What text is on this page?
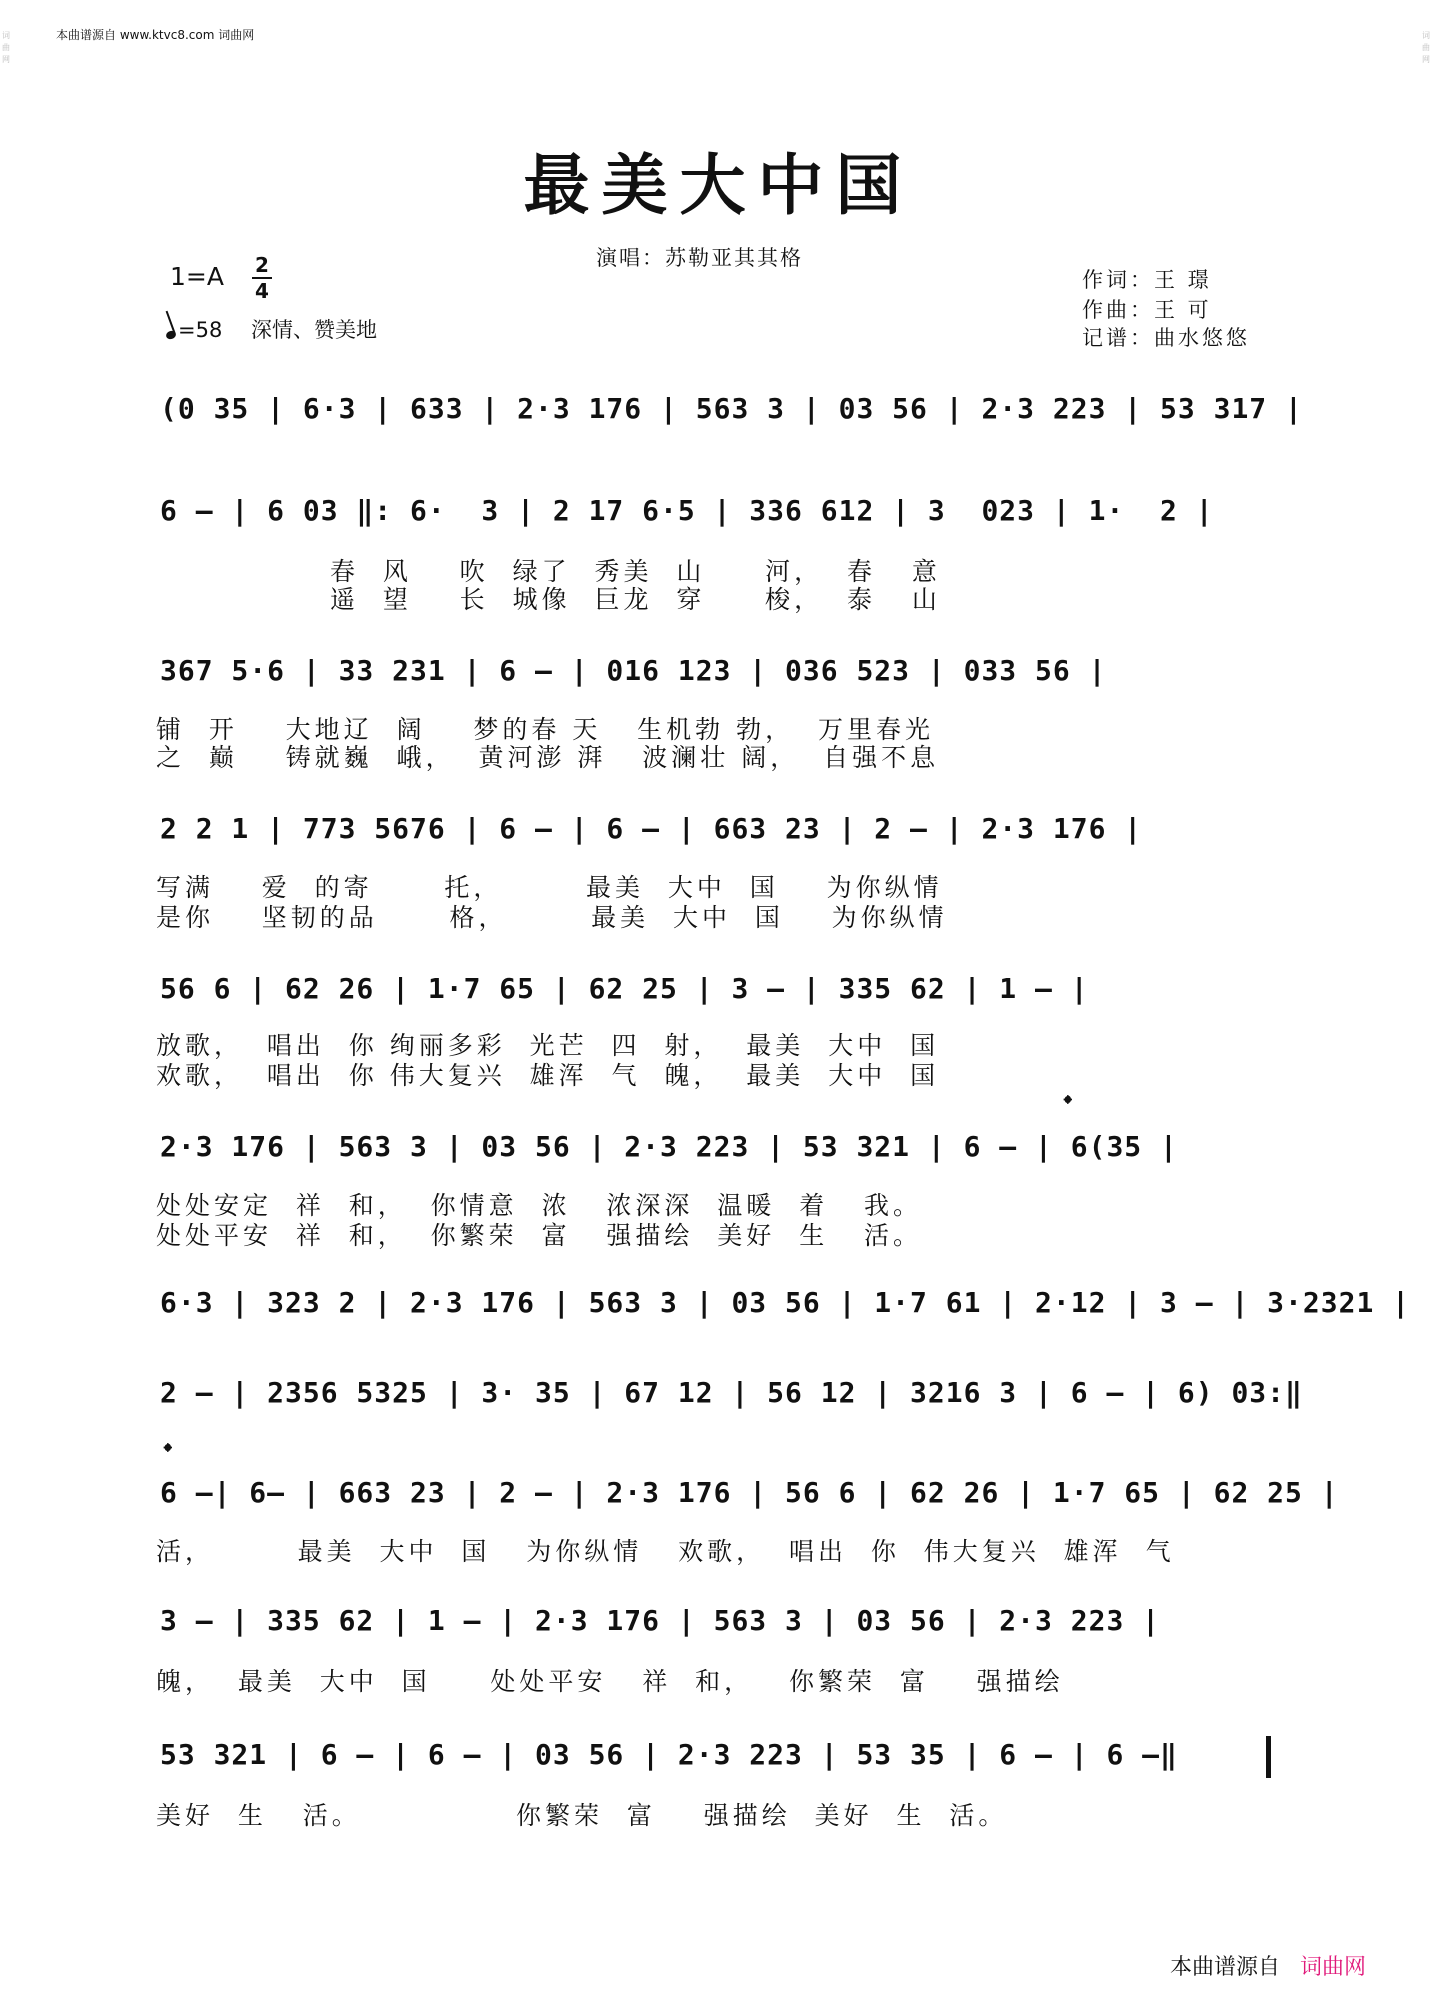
本曲谱源自 www.ktvc8.com 词曲网
词
曲
网
词
曲
网
最美大中国
演唱：苏勒亚其其格
作词：王 璟
作曲：王 可
记谱：曲水悠悠
1=A 2
4
=58 深情、赞美地
(0 35 | 6·3 | 633 | 2·3 176 | 563 3 | 03 56 | 2·3 223 | 53 317 |
6 – | 6 03 ‖: 6·  3 | 2 17 6·5 | 336 612 | 3  023 | 1·  2 |
春  风    吹  绿了  秀美  山     河，  春   意
遥  望    长  城像  巨龙  穿     梭，  泰   山
367 5·6 | 33 231 | 6 – | 016 123 | 036 523 | 033 56 |
铺  开    大地辽  阔    梦的春 天   生机勃 勃，  万里春光
之  巅    铸就巍  峨，  黄河澎 湃   波澜壮 阔，  自强不息
2 2 1 | 773 5676 | 6 – | 6 – | 663 23 | 2 – | 2·3 176 |
写满    爱  的寄      托，       最美  大中  国    为你纵情
是你    坚韧的品      格，       最美  大中  国    为你纵情
56 6 | 62 26 | 1·7 65 | 62 25 | 3 – | 335 62 | 1 – |
放歌，  唱出  你 绚丽多彩  光芒  四  射，  最美  大中  国
欢歌，  唱出  你 伟大复兴  雄浑  气  魄，  最美  大中  国
𝄌
2·3 176 | 563 3 | 03 56 | 2·3 223 | 53 321 | 6 – | 6(35 |
处处安定  祥  和，  你情意  浓   浓深深  温暖  着   我。
处处平安  祥  和，  你繁荣  富   强描绘  美好  生   活。
6·3 | 323 2 | 2·3 176 | 563 3 | 03 56 | 1·7 61 | 2·12 | 3 – | 3·2321 |
2 – | 2356 5325 | 3· 35 | 67 12 | 56 12 | 3216 3 | 6 – | 6) 03:‖
𝄌
6 –| 6– | 663 23 | 2 – | 2·3 176 | 56 6 | 62 26 | 1·7 65 | 62 25 |
活，       最美  大中  国   为你纵情   欢歌，  唱出  你  伟大复兴  雄浑  气
3 – | 335 62 | 1 – | 2·3 176 | 563 3 | 03 56 | 2·3 223 |
魄，  最美  大中  国     处处平安   祥  和，   你繁荣  富    强描绘
53 321 | 6 – | 6 – | 03 56 | 2·3 223 | 53 35 | 6 – | 6 –‖
美好  生   活。             你繁荣  富    强描绘  美好  生  活。
本曲谱源自 词曲网
